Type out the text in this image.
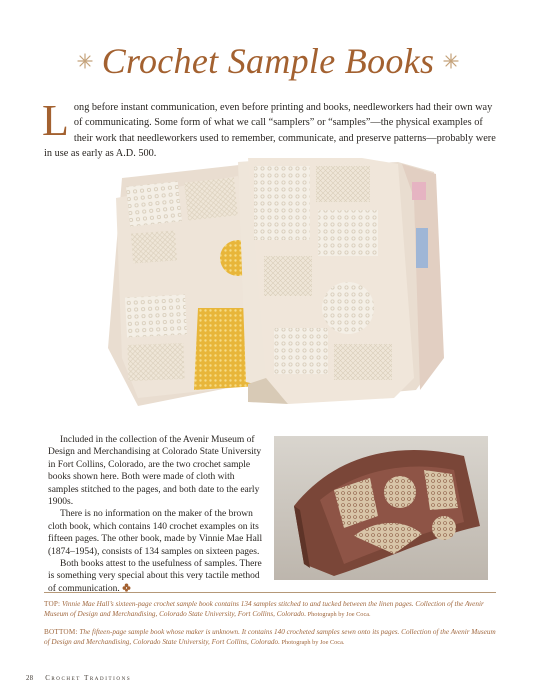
Crochet Sample Books
Long before instant communication, even before printing and books, needleworkers had their own way of communicating. Some form of what we call “samplers” or “samples”—the physical examples of their work that needleworkers used to remember, communicate, and preserve patterns—probably were in use as early as A.D. 500.

Included in the collection of the Avenir Museum of Design and Merchandising at Colorado State University in Fort Collins, Colorado, are the two crochet sample books shown here. Both were made of cloth with samples stitched to the pages, and both date to the early 1900s.

There is no information on the maker of the brown cloth book, which contains 140 crochet examples on its fifteen pages. The other book, made by Vinnie Mae Hall (1874–1954), consists of 134 samples on sixteen pages.

Both books attest to the usefulness of samples. There is something very special about this very tactile method of communication.

TOP: Vinnie Mae Hall’s sixteen-page crochet sample book contains 134 samples stitched to and tucked between the linen pages. Collection of the Avenir Museum of Design and Merchandising, Colorado State University, Fort Collins, Colorado. Photograph by Joe Coca.
BOTTOM: The fifteen-page sample book whose maker is unknown. It contains 140 crocheted samples sewn onto its pages. Collection of the Avenir Museum of Design and Merchandising, Colorado State University, Fort Collins, Colorado. Photograph by Joe Coca.
28 Crochet Traditions
